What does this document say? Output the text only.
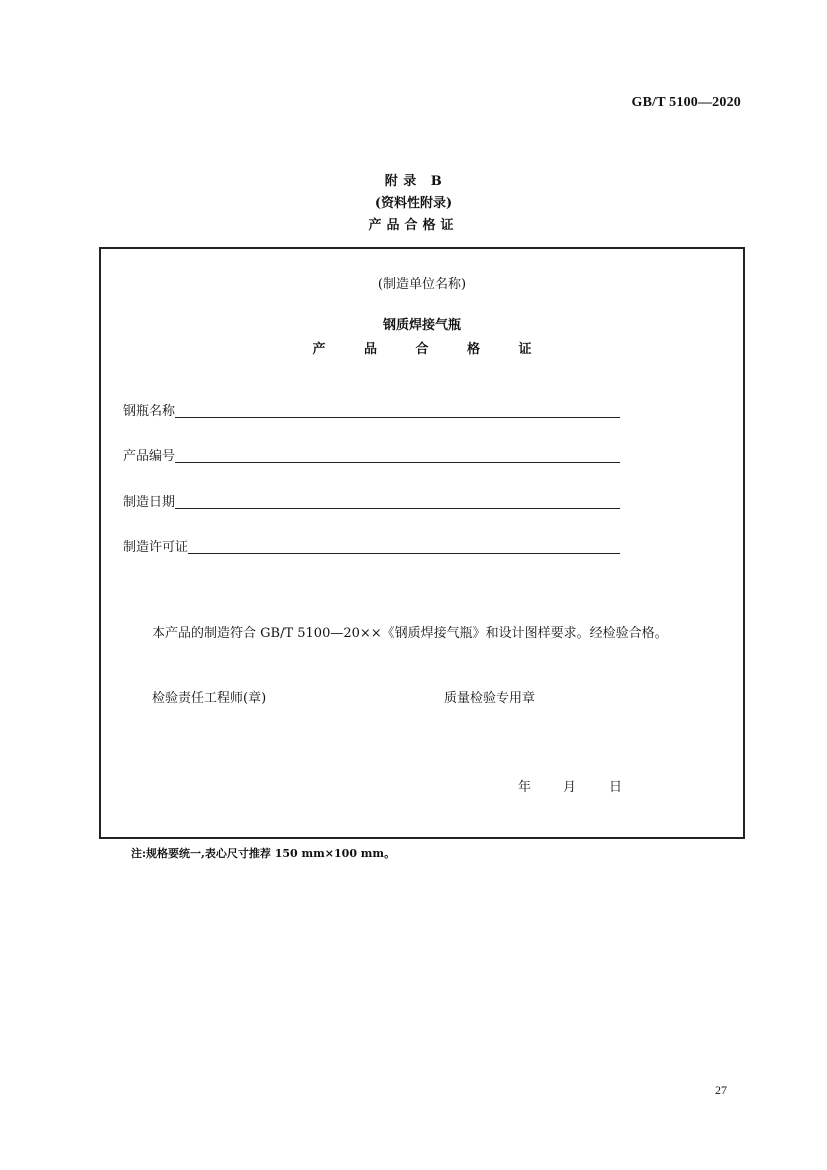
GB/T 5100—2020
附 录 B
(资料性附录)
产品合格证
(制造单位名称)
钢质焊接气瓶
产 品 合 格 证
钢瓶名称
产品编号
制造日期
制造许可证
本产品的制造符合 GB/T 5100—20××《钢质焊接气瓶》和设计图样要求。经检验合格。
检验责任工程师(章)	质量检验专用章
年	月	日
注:规格要统一,表心尺寸推荐 150 mm×100 mm。
27
